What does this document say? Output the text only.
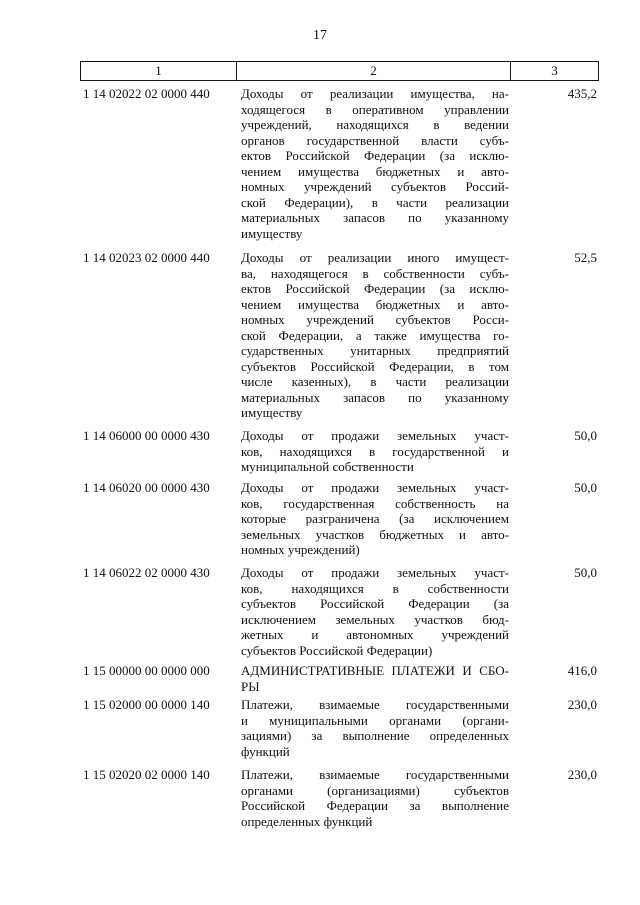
17
1	2	3
1 14 02022 02 0000 440 Доходы от реализации имущества, на-
ходящегося в оперативном управлении
учреждений, находящихся в ведении
органов государственной власти субъ-
ектов Российской Федерации (за исклю-
чением имущества бюджетных и авто-
номных учреждений субъектов Россий-
ской Федерации), в части реализации
материальных запасов по указанному
имуществу
435,2
1 14 02023 02 0000 440 Доходы от реализации иного имущест-
ва, находящегося в собственности субъ-
ектов Российской Федерации (за исклю-
чением имущества бюджетных и авто-
номных учреждений субъектов Росси-
ской Федерации, а также имущества го-
сударственных унитарных предприятий
субъектов Российской Федерации, в том
числе казенных), в части реализации
материальных запасов по указанному
имуществу
52,5
1 14 06000 00 0000 430 Доходы от продажи земельных участ-
ков, находящихся в государственной и
муниципальной собственности
50,0
1 14 06020 00 0000 430 Доходы от продажи земельных участ-
ков, государственная собственность на
которые разграничена (за исключением
земельных участков бюджетных и авто-
номных учреждений)
50,0
1 14 06022 02 0000 430 Доходы от продажи земельных участ-
ков, находящихся в собственности
субъектов Российской Федерации (за
исключением земельных участков бюд-
жетных и автономных учреждений
субъектов Российской Федерации)
50,0
1 15 00000 00 0000 000 АДМИНИСТРАТИВНЫЕ ПЛАТЕЖИ И СБО-
РЫ
416,0
1 15 02000 00 0000 140 Платежи, взимаемые государственными
и муниципальными органами (органи-
зациями) за выполнение определенных
функций
230,0
1 15 02020 02 0000 140 Платежи, взимаемые государственными
органами (организациями) субъектов
Российской Федерации за выполнение
определенных функций
230,0
